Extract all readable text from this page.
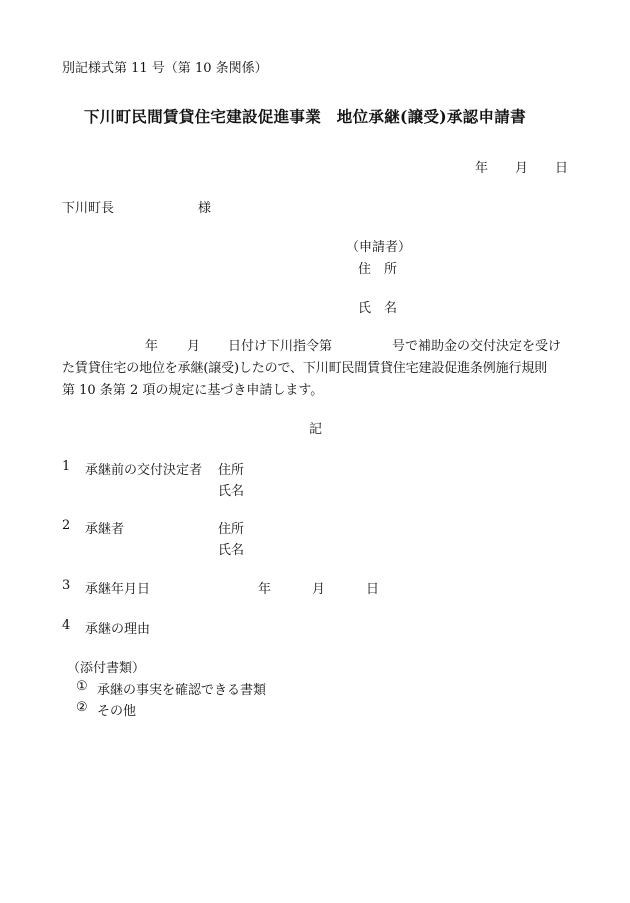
別記様式第 11 号（第 10 条関係）
下川町民間賃貸住宅建設促進事業　地位承継(譲受)承認申請書
年 月 日
下川町長	様
（申請者）
住　所
氏　名
年 月 日付け下川指令第	号で補助金の交付決定を受け
た賃貸住宅の地位を承継(譲受)したので、下川町民間賃貸住宅建設促進条例施行規則
第 10 条第 2 項の規定に基づき申請します。
記
1 承継前の交付決定者 住所
氏名
2 承継者	住所
氏名
3 承継年月日	年	月	日
4 承継の理由
（添付書類）
① 承継の事実を確認できる書類
② その他
